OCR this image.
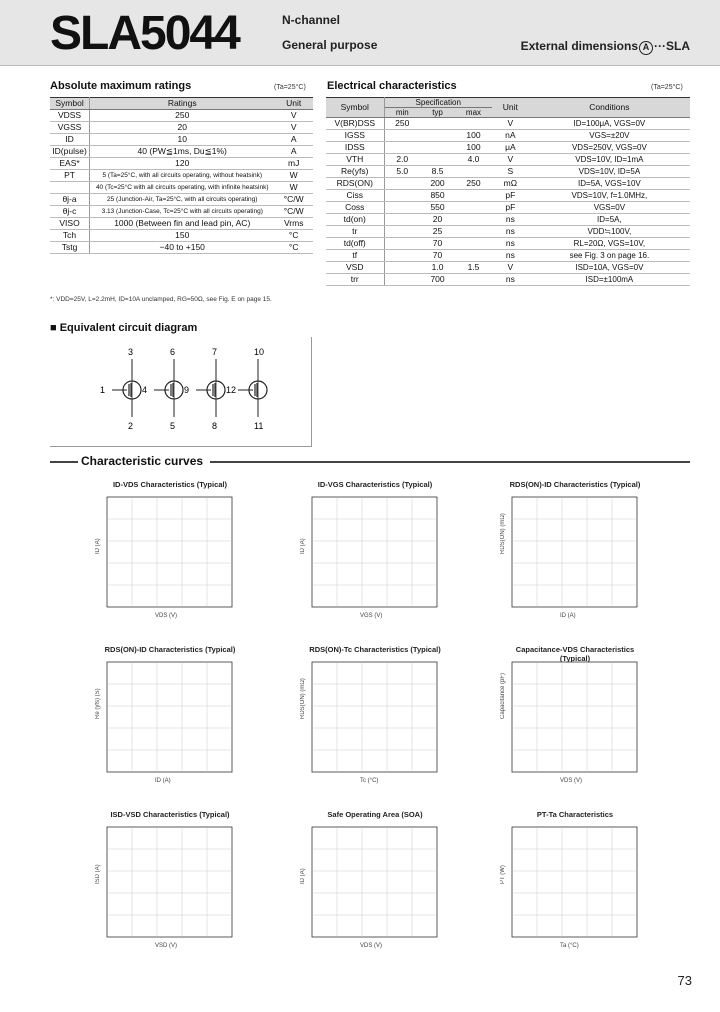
SLA5044	N-channel
General purpose	External dimensions A ···SLA
Absolute maximum ratings	(Ta=25°C)
Symbol	Ratings	Unit
VDSS	250	V
VGSS	20	V
ID	10	A
ID(pulse)	40 (PW≦1ms, Du≦1%)	A
EAS*	120	mJ
PT	5 (Ta=25°C, with all circuits operating, without heatsink)	W
	40 (Tc=25°C with all circuits operating, with infinite heatsink)	W
θj-a	25 (Junction-Air, Ta=25°C, with all circuits operating)	°C/W
θj-c	3.13 (Junction-Case, Tc=25°C with all circuits operating)	°C/W
VISO	1000 (Between fin and lead pin, AC)	Vrms
Tch	150	°C
Tstg	−40 to +150	°C
*: VDD=25V, L=2.2mH, ID=10A unclamped, RG=50Ω, see Fig. E on page 15.
Electrical characteristics	(Ta=25°C)
Symbol	Specification			Unit	Conditions
	min	typ	max		
V(BR)DSS	250			V	ID=100μA, VGS=0V
IGSS			100	nA	VGS=±20V
IDSS			100	μA	VDS=250V, VGS=0V
VTH	2.0		4.0	V	VDS=10V, ID=1mA
Re(yfs)	5.0	8.5		S	VDS=10V, ID=5A
RDS(ON)		200	250	mΩ	ID=5A, VGS=10V
Ciss		850		pF	VDS=10V, f=1.0MHz,
Coss		550		pF	VGS=0V
td(on)		20		ns	ID=5A,
tr		25		ns	VDD≒100V,
td(off)		70		ns	RL=20Ω, VGS=10V,
tf		70		ns	see Fig. 3 on page 16.
VSD		1.0	1.5	V	ISD=10A, VGS=0V
trr		700		ns	ISD=±100mA
■ Equivalent circuit diagram
3
1
2
6
4
5
7
9
8
10
12
11
Characteristic curves
ID-VDS Characteristics (Typical)
ID (A)
VDS (V)
ID-VGS Characteristics (Typical)
ID (A)
VGS (V)
RDS(ON)-ID Characteristics (Typical)
RDS(ON) (mΩ)
ID (A)
RDS(ON)-ID Characteristics (Typical)
Re (yfs) (S)
ID (A)
RDS(ON)-Tc Characteristics (Typical)
RDS(ON) (mΩ)
Tc (°C)
Capacitance-VDS Characteristics (Typical)
Capacitance (pF)
VDS (V)
ISD-VSD Characteristics (Typical)
ISD (A)
VSD (V)
Safe Operating Area (SOA)
ID (A)
VDS (V)
PT-Ta Characteristics
PT (W)
Ta (°C)
73
